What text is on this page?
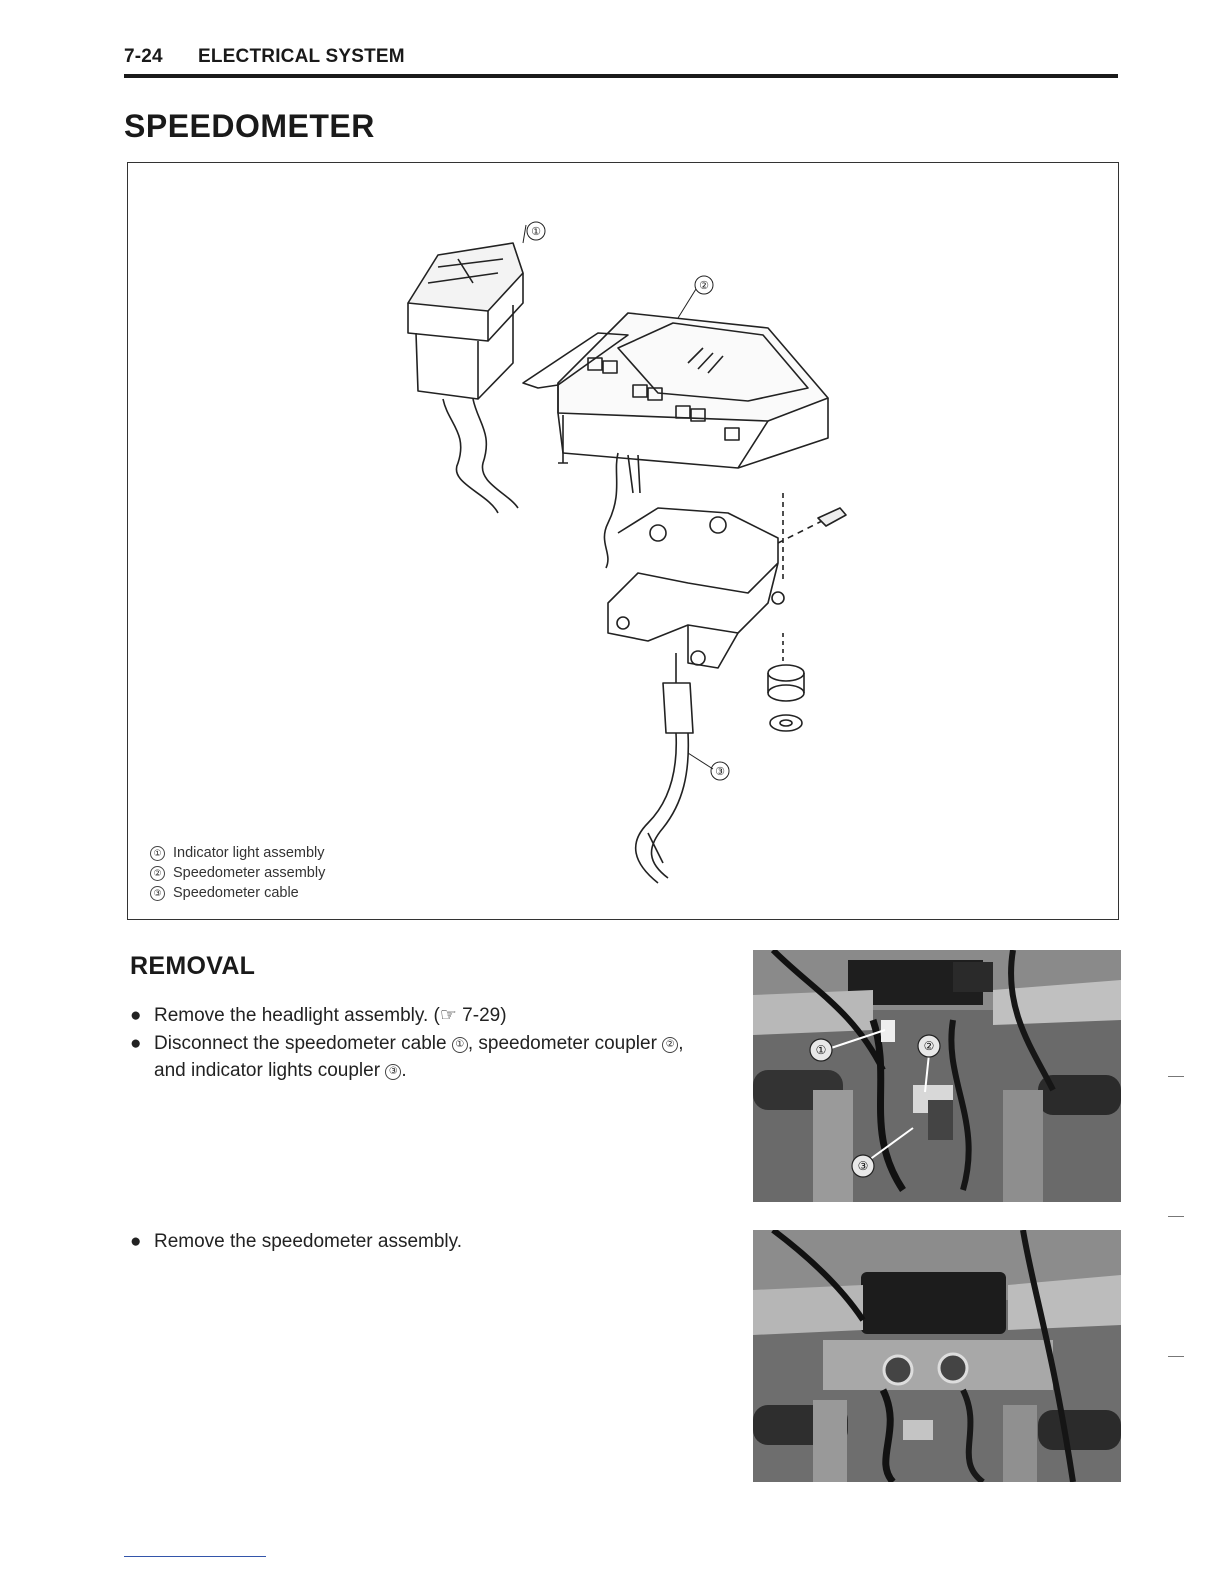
7-24 ELECTRICAL SYSTEM
SPEEDOMETER
①
②
③
① Indicator light assembly
② Speedometer assembly
③ Speedometer cable
REMOVAL
● Remove the headlight assembly. (☞ 7-29)
● Disconnect the speedometer cable ① , speedometer coupler ② ,
and indicator lights coupler ③ .
● Remove the speedometer assembly.
①	②
③
